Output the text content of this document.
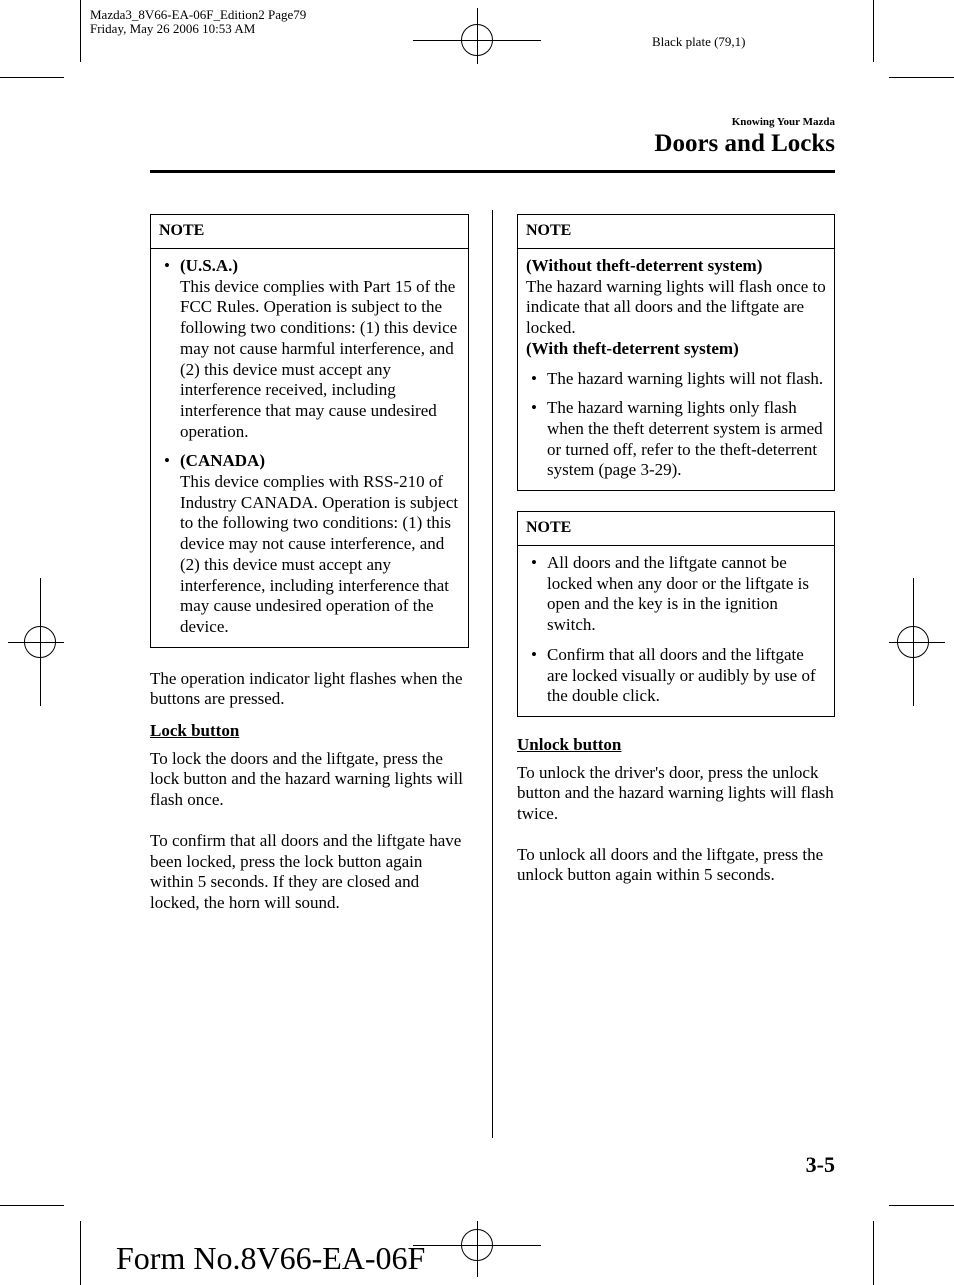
Mazda3_8V66-EA-06F_Edition2 Page79
Friday, May 26 2006 10:53 AM
Black plate (79,1)
Knowing Your Mazda
Doors and Locks
NOTE
• (U.S.A.)
This device complies with Part 15 of the FCC Rules. Operation is subject to the following two conditions: (1) this device may not cause harmful interference, and (2) this device must accept any interference received, including interference that may cause undesired operation.
• (CANADA)
This device complies with RSS-210 of Industry CANADA. Operation is subject to the following two conditions: (1) this device may not cause interference, and (2) this device must accept any interference, including interference that may cause undesired operation of the device.

The operation indicator light flashes when the buttons are pressed.

Lock button

To lock the doors and the liftgate, press the lock button and the hazard warning lights will flash once.

To confirm that all doors and the liftgate have been locked, press the lock button again within 5 seconds. If they are closed and locked, the horn will sound.

NOTE
(Without theft-deterrent system)
The hazard warning lights will flash once to indicate that all doors and the liftgate are locked.
(With theft-deterrent system)
• The hazard warning lights will not flash.
• The hazard warning lights only flash when the theft deterrent system is armed or turned off, refer to the theft-deterrent system (page 3-29).
NOTE
• All doors and the liftgate cannot be locked when any door or the liftgate is open and the key is in the ignition switch.
• Confirm that all doors and the liftgate are locked visually or audibly by use of the double click.

Unlock button

To unlock the driver's door, press the unlock button and the hazard warning lights will flash twice.

To unlock all doors and the liftgate, press the unlock button again within 5 seconds.

3-5
Form No.8V66-EA-06F
